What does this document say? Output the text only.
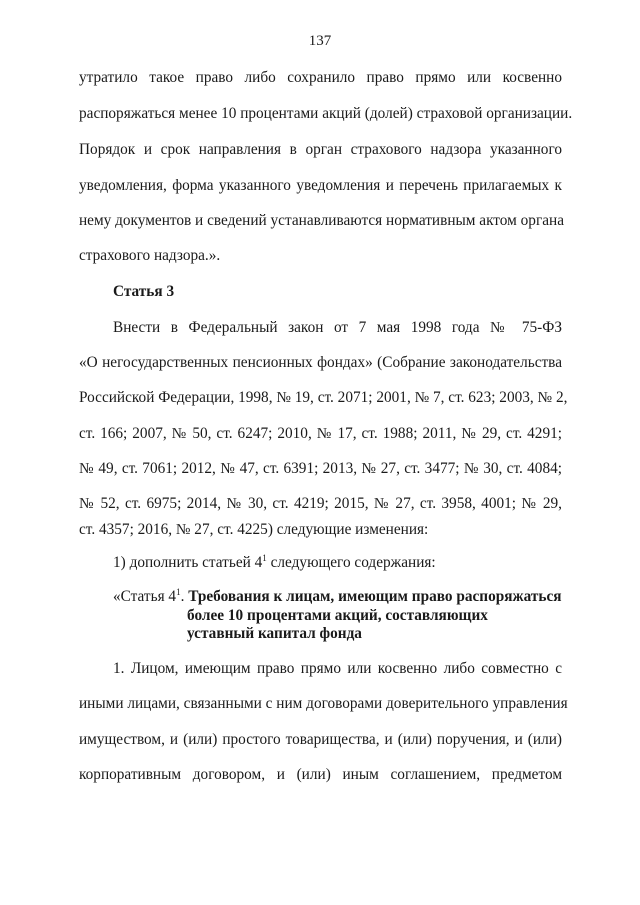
137
утратило такое право либо сохранило право прямо или косвенно
распоряжаться менее 10 процентами акций (долей) страховой организации.
Порядок и срок направления в орган страхового надзора указанного
уведомления, форма указанного уведомления и перечень прилагаемых к
нему документов и сведений устанавливаются нормативным актом органа
страхового надзора.».
Статья 3
Внести в Федеральный закон от 7 мая 1998 года № 75-ФЗ
«О негосударственных пенсионных фондах» (Собрание законодательства
Российской Федерации, 1998, № 19, ст. 2071; 2001, № 7, ст. 623; 2003, № 2,
ст. 166; 2007, № 50, ст. 6247; 2010, № 17, ст. 1988; 2011, № 29, ст. 4291;
№ 49, ст. 7061; 2012, № 47, ст. 6391; 2013, № 27, ст. 3477; № 30, ст. 4084;
№ 52, ст. 6975; 2014, № 30, ст. 4219; 2015, № 27, ст. 3958, 4001; № 29,
ст. 4357; 2016, № 27, ст. 4225) следующие изменения:
1) дополнить статьей $4^1$ следующего содержания:
«Статья $4^1$. Требования к лицам, имеющим право распоряжаться
более 10 процентами акций, составляющих
уставный капитал фонда
1. Лицом, имеющим право прямо или косвенно либо совместно с
иными лицами, связанными с ним договорами доверительного управления
имуществом, и (или) простого товарищества, и (или) поручения, и (или)
корпоративным договором, и (или) иным соглашением, предметом
